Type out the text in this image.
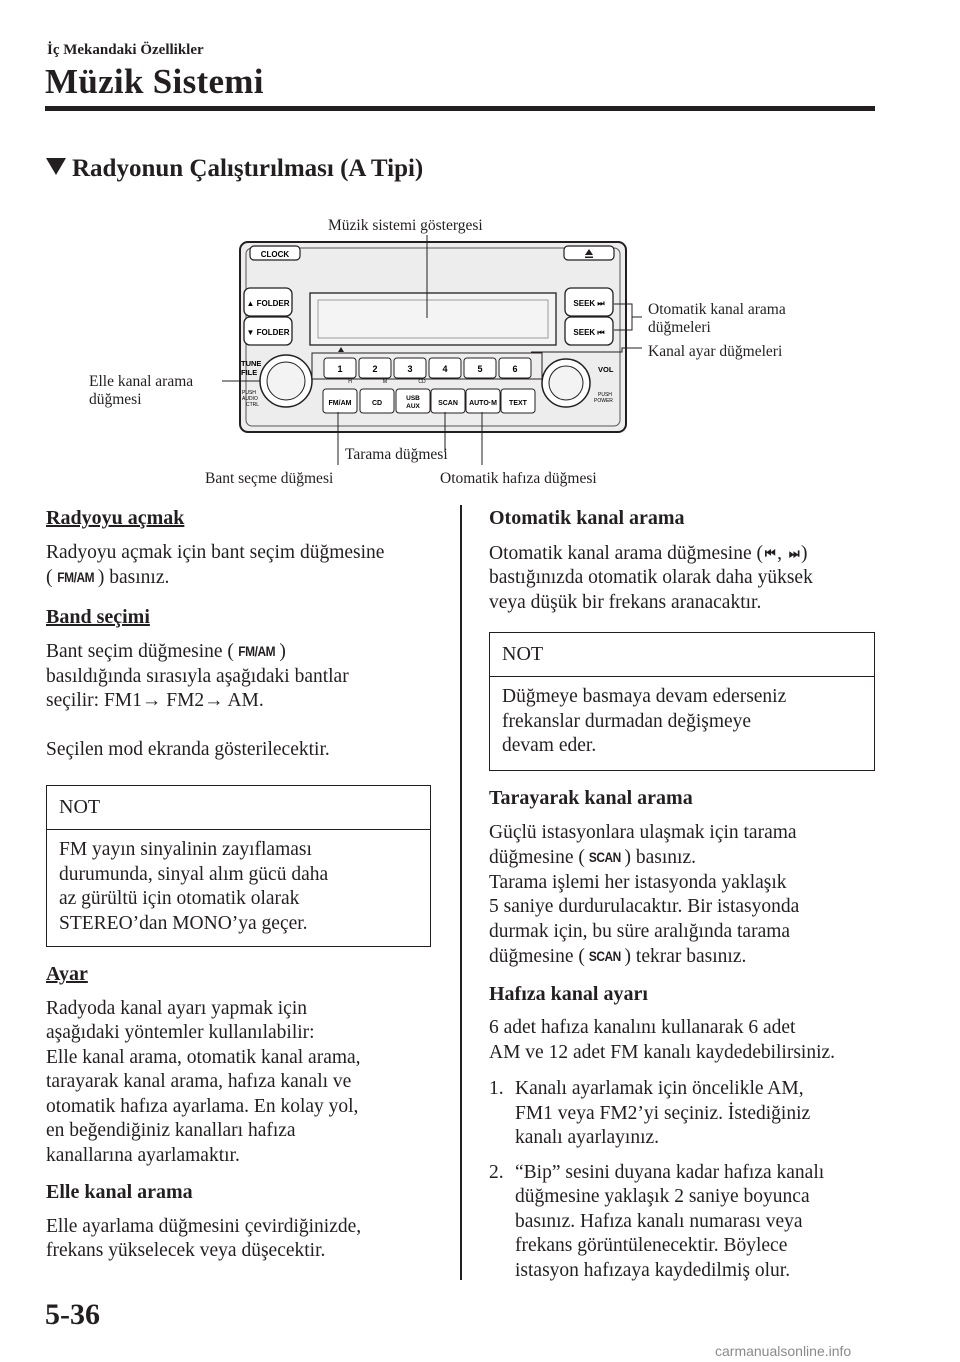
İç Mekandaki Özellikler
Müzik Sistemi
Radyonun Çalıştırılması (A Tipi)
CLOCK
▲ FOLDER
▼ FOLDER
SEEK ⏭
SEEK ⏮
TUNE
FILE
PUSH
AUDIO
CTRL
1	2	3	4	5	6
H	M	CD
FM/AM	CD
USB
AUX	SCAN AUTO·M TEXT
VOL
PUSH
POWER
Müzik sistemi göstergesi
Otomatik kanal arama
düğmeleri
Kanal ayar düğmeleri
Elle kanal arama
düğmesi
Tarama düğmesi
Bant seçme düğmesi	Otomatik hafıza düğmesi

Radyoyu açmak

Radyoyu açmak için bant seçim düğmesine

( FM/AM ) basınız.

Band seçimi

Bant seçim düğmesine ( FM/AM )

basıldığında sırasıyla aşağıdaki bantlar

seçilir: FM1→ FM2→ AM.

Seçilen mod ekranda gösterilecektir.

NOT
FM yayın sinyalinin zayıflaması
durumunda, sinyal alım gücü daha
az gürültü için otomatik olarak
STEREO’dan MONO’ya geçer.

Ayar

Radyoda kanal ayarı yapmak için

aşağıdaki yöntemler kullanılabilir:

Elle kanal arama, otomatik kanal arama,

tarayarak kanal arama, hafıza kanalı ve

otomatik hafıza ayarlama. En kolay yol,

en beğendiğiniz kanalları hafıza

kanallarına ayarlamaktır.

Elle kanal arama

Elle ayarlama düğmesini çevirdiğinizde,

frekans yükselecek veya düşecektir.

Otomatik kanal arama

Otomatik kanal arama düğmesine ( ⏮, ⏭)

bastığınızda otomatik olarak daha yüksek

veya düşük bir frekans aranacaktır.

NOT
Düğmeye basmaya devam ederseniz
frekanslar durmadan değişmeye
devam eder.

Tarayarak kanal arama

Güçlü istasyonlara ulaşmak için tarama

düğmesine ( SCAN ) basınız.

Tarama işlemi her istasyonda yaklaşık

5 saniye durdurulacaktır. Bir istasyonda

durmak için, bu süre aralığında tarama

düğmesine ( SCAN ) tekrar basınız.

Hafıza kanal ayarı

6 adet hafıza kanalını kullanarak 6 adet

AM ve 12 adet FM kanalı kaydedebilirsiniz.

1. Kanalı ayarlamak için öncelikle AM,

FM1 veya FM2’yi seçiniz. İstediğiniz

kanalı ayarlayınız.

2. “Bip” sesini duyana kadar hafıza kanalı

düğmesine yaklaşık 2 saniye boyunca

basınız. Hafıza kanalı numarası veya

frekans görüntülenecektir. Böylece

istasyon hafızaya kaydedilmiş olur.

5-36
carmanualsonline.info
